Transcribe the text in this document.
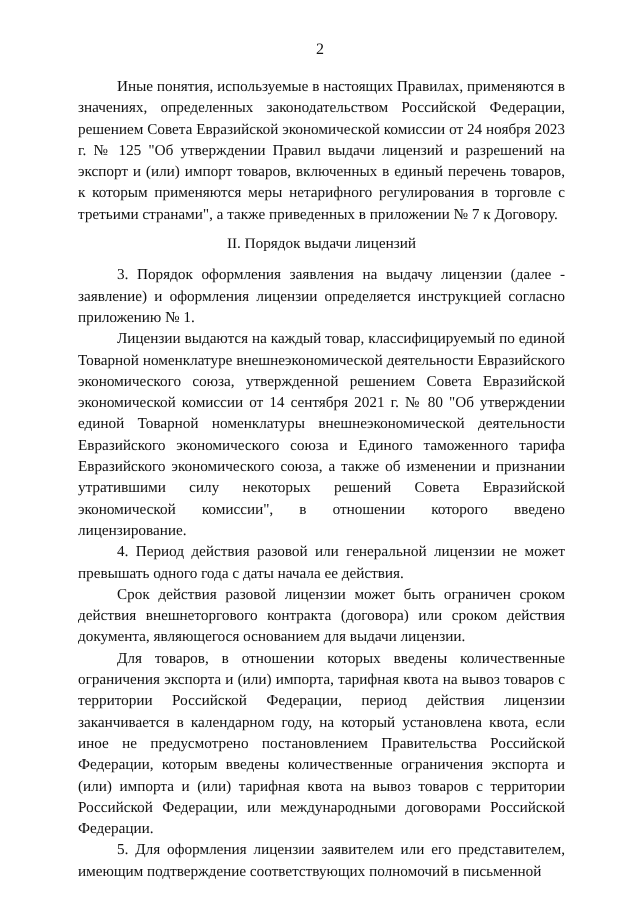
2

Иные понятия, используемые в настоящих Правилах, применяются в значениях, определенных законодательством Российской Федерации, решением Совета Евразийской экономической комиссии от 24 ноября 2023 г. № 125 "Об утверждении Правил выдачи лицензий и разрешений на экспорт и (или) импорт товаров, включенных в единый перечень товаров, к которым применяются меры нетарифного регулирования в торговле с третьими странами", а также приведенных в приложении № 7 к Договору.

II. Порядок выдачи лицензий

3. Порядок оформления заявления на выдачу лицензии (далее - заявление) и оформления лицензии определяется инструкцией согласно приложению № 1.

Лицензии выдаются на каждый товар, классифицируемый по единой Товарной номенклатуре внешнеэкономической деятельности Евразийского экономического союза, утвержденной решением Совета Евразийской экономической комиссии от 14 сентября 2021 г. № 80 "Об утверждении единой Товарной номенклатуры внешнеэкономической деятельности Евразийского экономического союза и Единого таможенного тарифа Евразийского экономического союза, а также об изменении и признании утратившими силу некоторых решений Совета Евразийской экономической комиссии", в отношении которого введено лицензирование.

4. Период действия разовой или генеральной лицензии не может превышать одного года с даты начала ее действия.

Срок действия разовой лицензии может быть ограничен сроком действия внешнеторгового контракта (договора) или сроком действия документа, являющегося основанием для выдачи лицензии.

Для товаров, в отношении которых введены количественные ограничения экспорта и (или) импорта, тарифная квота на вывоз товаров с территории Российской Федерации, период действия лицензии заканчивается в календарном году, на который установлена квота, если иное не предусмотрено постановлением Правительства Российской Федерации, которым введены количественные ограничения экспорта и (или) импорта и (или) тарифная квота на вывоз товаров с территории Российской Федерации, или международными договорами Российской Федерации.

5. Для оформления лицензии заявителем или его представителем, имеющим подтверждение соответствующих полномочий в письменной
